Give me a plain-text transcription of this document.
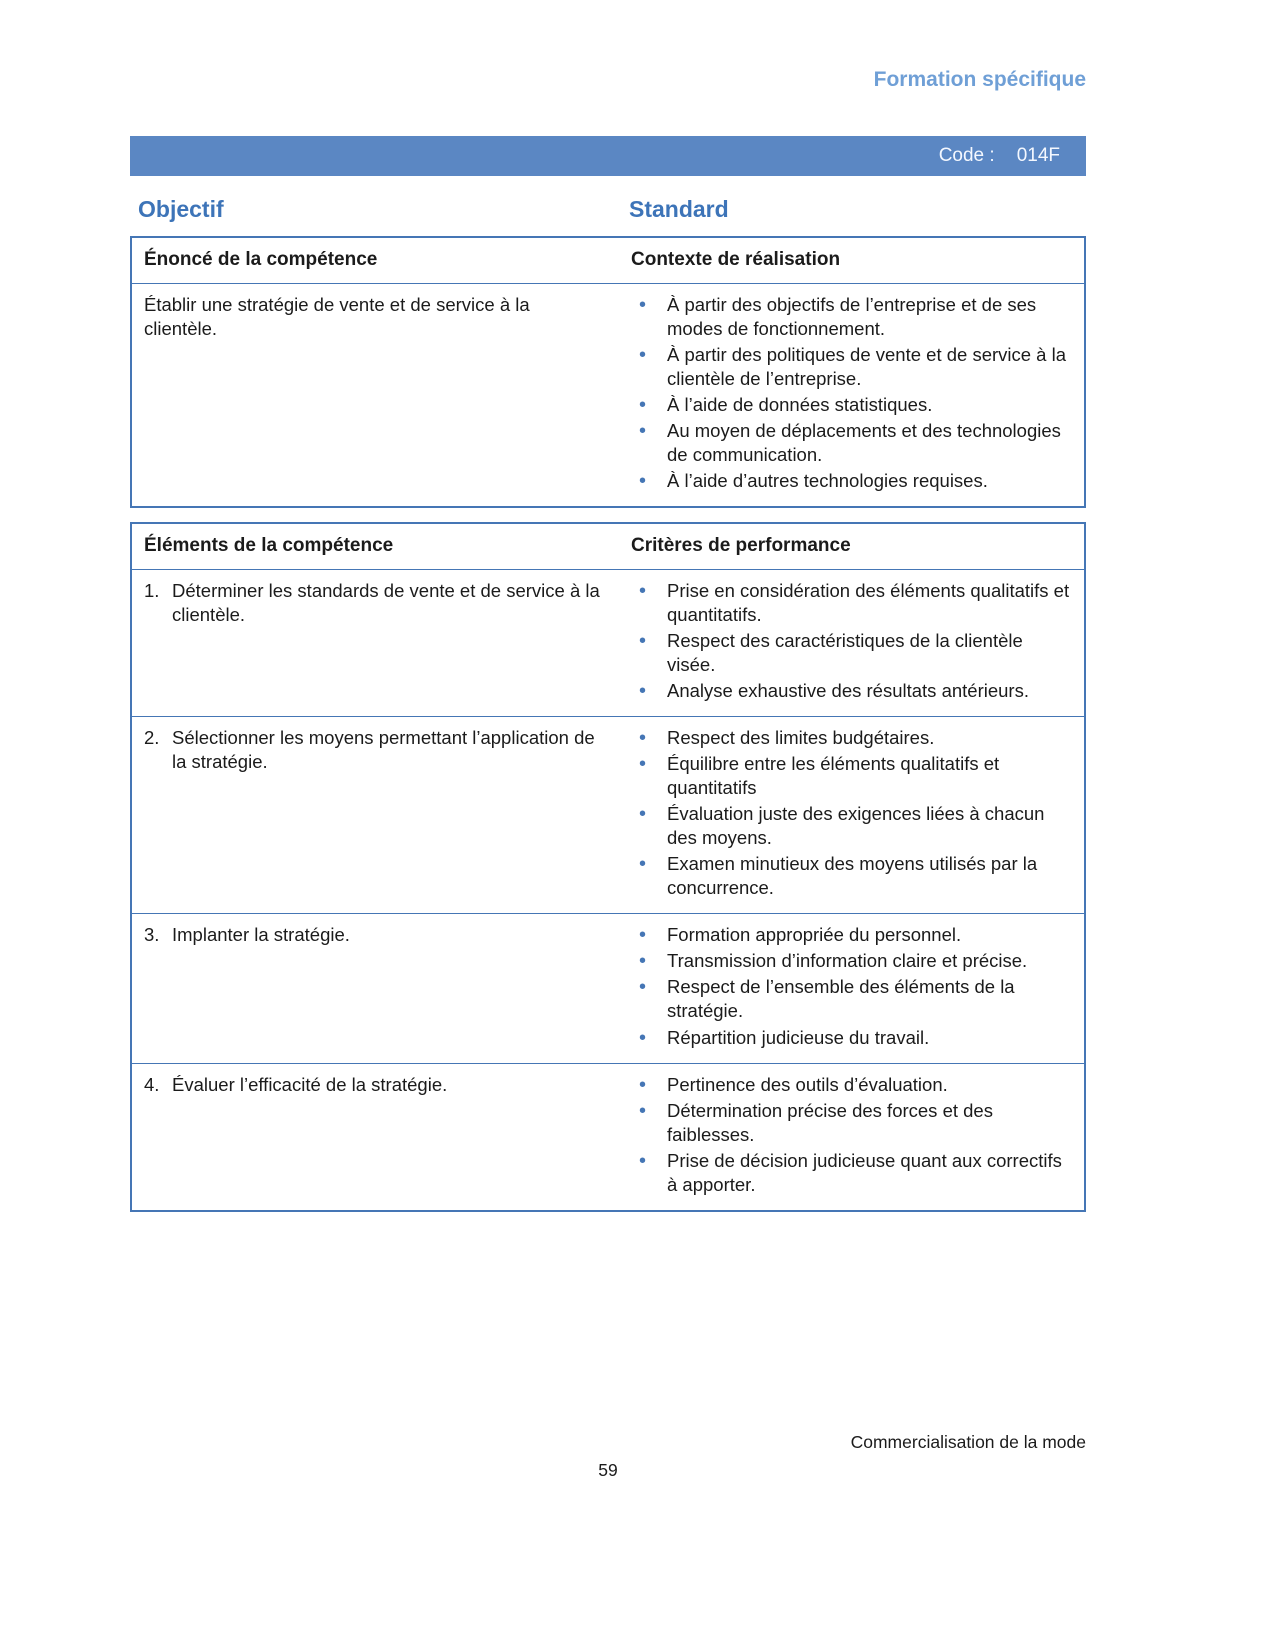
Formation spécifique
Code : 014F
Objectif	Standard
Énoncé de la compétence	Contexte de réalisation
Établir une stratégie de vente et de service à la clientèle.
• À partir des objectifs de l’entreprise et de ses modes de fonctionnement.
• À partir des politiques de vente et de service à la clientèle de l’entreprise.
• À l’aide de données statistiques.
• Au moyen de déplacements et des technologies de communication.
• À l’aide d’autres technologies requises.
Éléments de la compétence	Critères de performance
1. Déterminer les standards de vente et de service à la clientèle.
• Prise en considération des éléments qualitatifs et quantitatifs.
• Respect des caractéristiques de la clientèle visée.
• Analyse exhaustive des résultats antérieurs.
2. Sélectionner les moyens permettant l’application de la stratégie.
• Respect des limites budgétaires.
• Équilibre entre les éléments qualitatifs et quantitatifs
• Évaluation juste des exigences liées à chacun des moyens.
• Examen minutieux des moyens utilisés par la concurrence.
3. Implanter la stratégie.	• Formation appropriée du personnel.
• Transmission d’information claire et précise.
• Respect de l’ensemble des éléments de la stratégie.
• Répartition judicieuse du travail.
4. Évaluer l’efficacité de la stratégie.	• Pertinence des outils d’évaluation.
• Détermination précise des forces et des faiblesses.
• Prise de décision judicieuse quant aux correctifs à apporter.
Commercialisation de la mode
59
